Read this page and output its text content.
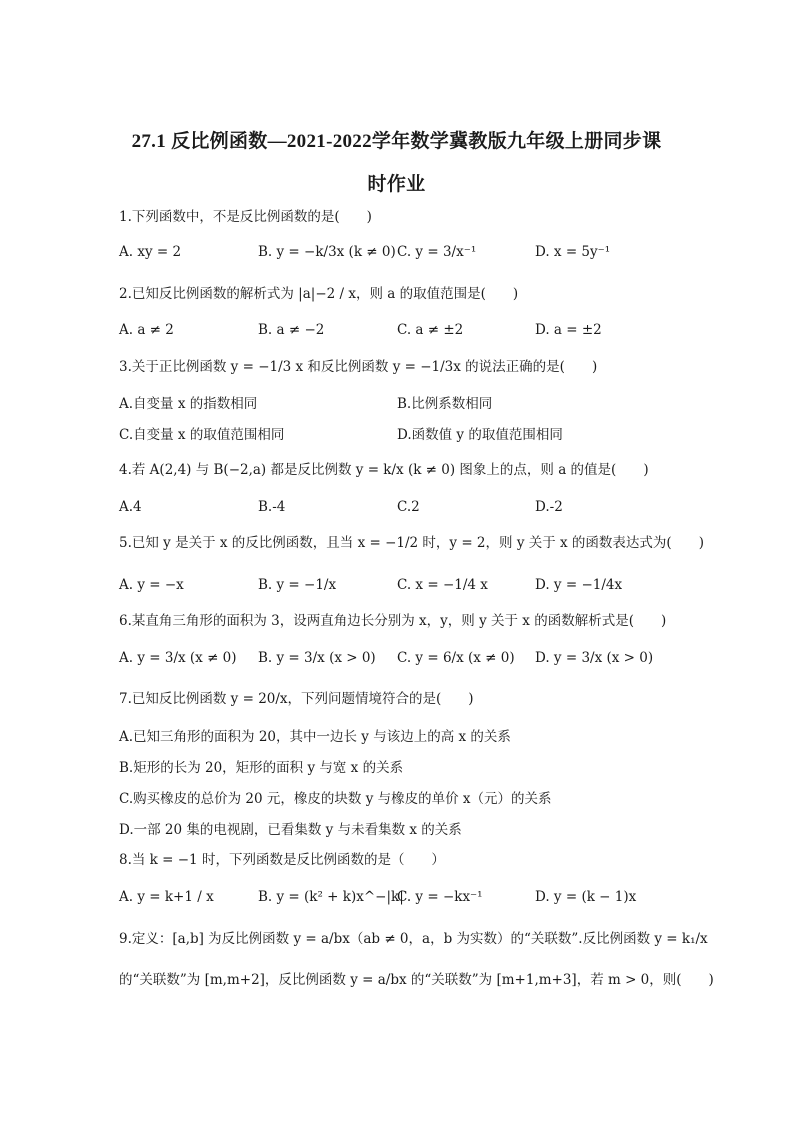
27.1 反比例函数—2021-2022学年数学冀教版九年级上册同步课
时作业
1.下列函数中，不是反比例函数的是(　　)
A. xy = 2	B. y = −k/3x (k ≠ 0) C. y = 3/x⁻¹	D. x = 5y⁻¹
2.已知反比例函数的解析式为 |a|−2 / x，则 a 的取值范围是(　　)
A. a ≠ 2	B. a ≠ −2	C. a ≠ ±2	D. a = ±2
3.关于正比例函数 y = −1/3 x 和反比例函数 y = −1/3x 的说法正确的是(　　)
A.自变量 x 的指数相同	B.比例系数相同
C.自变量 x 的取值范围相同	D.函数值 y 的取值范围相同
4.若 A(2,4) 与 B(−2,a) 都是反比例数 y = k/x (k ≠ 0) 图象上的点，则 a 的值是(　　)
A.4	B.-4	C.2	D.-2
5.已知 y 是关于 x 的反比例函数，且当 x = −1/2 时，y = 2，则 y 关于 x 的函数表达式为(　　)
A. y = −x	B. y = −1/x	C. x = −1/4 x	D. y = −1/4x
6.某直角三角形的面积为 3，设两直角边长分别为 x，y，则 y 关于 x 的函数解析式是(　　)
A. y = 3/x (x ≠ 0) B. y = 3/x (x > 0) C. y = 6/x (x ≠ 0) D. y = 3/x (x > 0)
7.已知反比例函数 y = 20/x，下列问题情境符合的是(　　)
A.已知三角形的面积为 20，其中一边长 y 与该边上的高 x 的关系
B.矩形的长为 20，矩形的面积 y 与宽 x 的关系
C.购买橡皮的总价为 20 元，橡皮的块数 y 与橡皮的单价 x（元）的关系
D.一部 20 集的电视剧，已看集数 y 与未看集数 x 的关系
8.当 k = −1 时，下列函数是反比例函数的是（　　）
A. y = k+1 / x	B. y = (k² + k)x^−|k|
C. y = −kx⁻¹	D. y = (k − 1)x
9.定义：[a,b] 为反比例函数 y = a/bx（ab ≠ 0，a，b 为实数）的“关联数”.反比例函数 y = k₁/x
的“关联数”为 [m,m+2]，反比例函数 y = a/bx 的“关联数”为 [m+1,m+3]，若 m > 0，则(　　)
